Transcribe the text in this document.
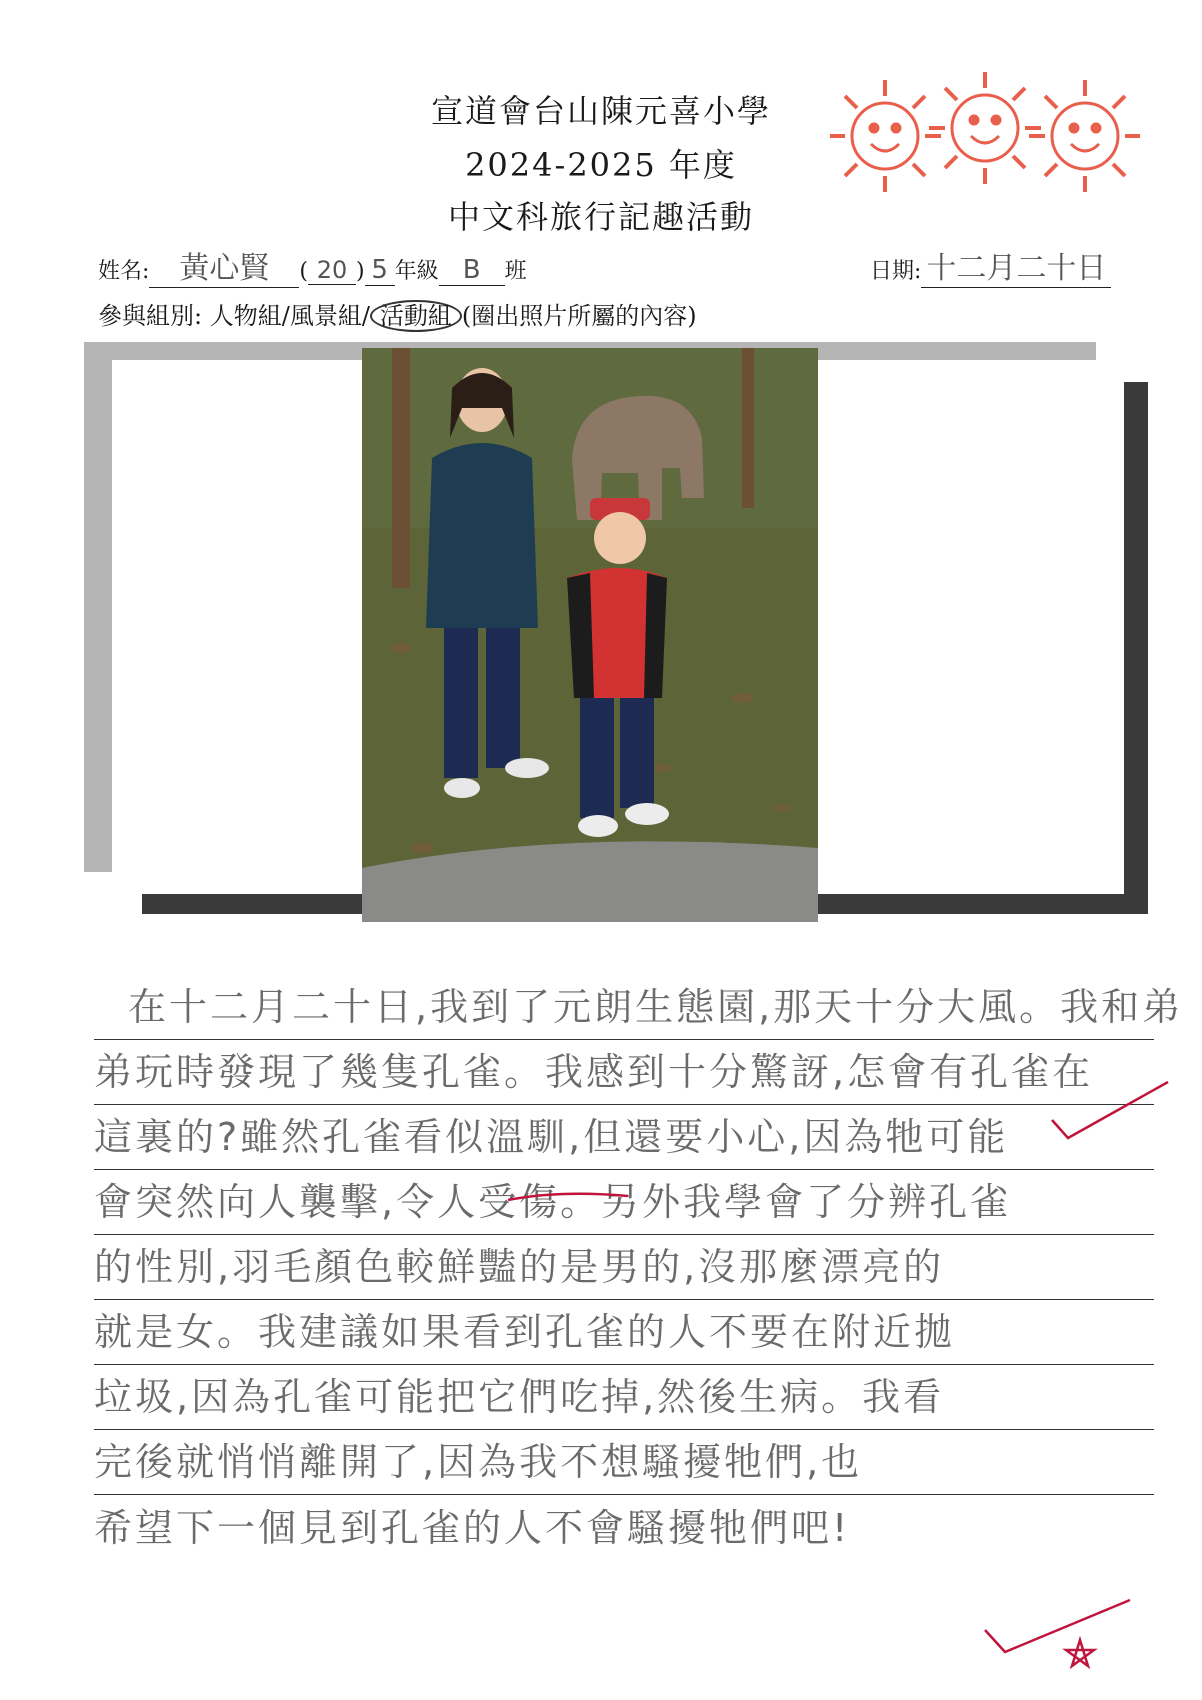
宣道會台山陳元喜小學
2024-2025 年度
中文科旅行記趣活動
姓名: 黃心賢 ( 20 ) 5 年級 B 班	日期: 十二月二十日
參與組別: 人物組/風景組/ 活動組 (圈出照片所屬的內容)
在十二月二十日,我到了元朗生態園,那天十分大風。我和弟
弟玩時發現了幾隻孔雀。我感到十分驚訝,怎會有孔雀在
這裏的?雖然孔雀看似溫馴,但還要小心,因為牠可能
會突然向人襲擊,令人受傷。另外我學會了分辨孔雀
的性別,羽毛顏色較鮮豔的是男的,沒那麼漂亮的
就是女。我建議如果看到孔雀的人不要在附近拋
垃圾,因為孔雀可能把它們吃掉,然後生病。我看
完後就悄悄離開了,因為我不想騷擾牠們,也
希望下一個見到孔雀的人不會騷擾牠們吧!
